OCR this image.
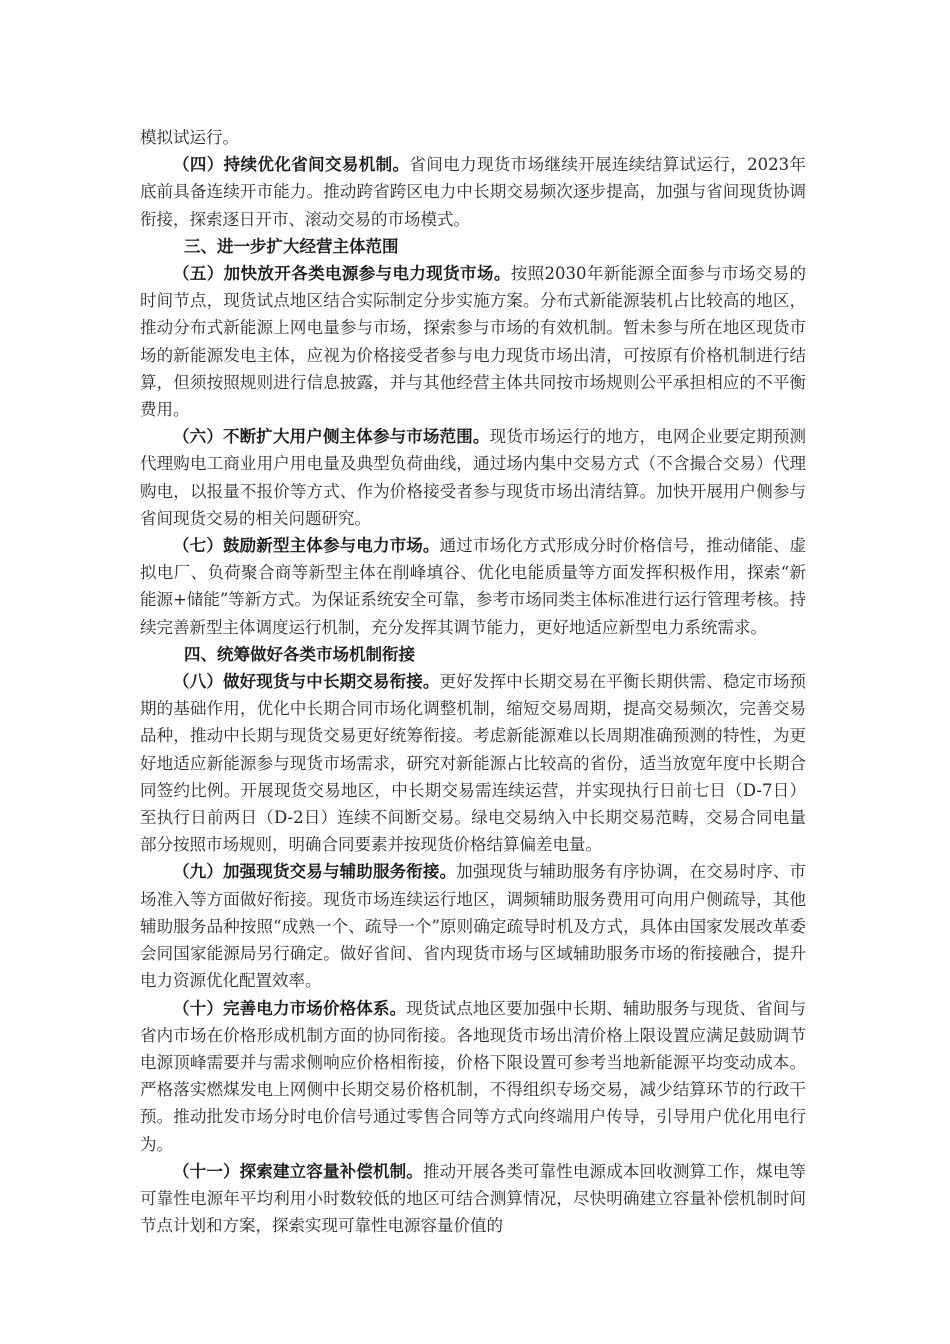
模拟试运行。

（四）持续优化省间交易机制。省间电力现货市场继续开展连续结算试运行，2023年底前具备连续开市能力。推动跨省跨区电力中长期交易频次逐步提高，加强与省间现货协调衔接，探索逐日开市、滚动交易的市场模式。

三、进一步扩大经营主体范围

（五）加快放开各类电源参与电力现货市场。按照2030年新能源全面参与市场交易的时间节点，现货试点地区结合实际制定分步实施方案。分布式新能源装机占比较高的地区，推动分布式新能源上网电量参与市场，探索参与市场的有效机制。暂未参与所在地区现货市场的新能源发电主体，应视为价格接受者参与电力现货市场出清，可按原有价格机制进行结算，但须按照规则进行信息披露，并与其他经营主体共同按市场规则公平承担相应的不平衡费用。

（六）不断扩大用户侧主体参与市场范围。现货市场运行的地方，电网企业要定期预测代理购电工商业用户用电量及典型负荷曲线，通过场内集中交易方式（不含撮合交易）代理购电，以报量不报价等方式、作为价格接受者参与现货市场出清结算。加快开展用户侧参与省间现货交易的相关问题研究。

（七）鼓励新型主体参与电力市场。通过市场化方式形成分时价格信号，推动储能、虚拟电厂、负荷聚合商等新型主体在削峰填谷、优化电能质量等方面发挥积极作用，探索“新能源+储能”等新方式。为保证系统安全可靠，参考市场同类主体标准进行运行管理考核。持续完善新型主体调度运行机制，充分发挥其调节能力，更好地适应新型电力系统需求。

四、统筹做好各类市场机制衔接

（八）做好现货与中长期交易衔接。更好发挥中长期交易在平衡长期供需、稳定市场预期的基础作用，优化中长期合同市场化调整机制，缩短交易周期，提高交易频次，完善交易品种，推动中长期与现货交易更好统筹衔接。考虑新能源难以长周期准确预测的特性，为更好地适应新能源参与现货市场需求，研究对新能源占比较高的省份，适当放宽年度中长期合同签约比例。开展现货交易地区，中长期交易需连续运营，并实现执行日前七日（D-7日）至执行日前两日（D-2日）连续不间断交易。绿电交易纳入中长期交易范畴，交易合同电量部分按照市场规则，明确合同要素并按现货价格结算偏差电量。

（九）加强现货交易与辅助服务衔接。加强现货与辅助服务有序协调，在交易时序、市场准入等方面做好衔接。现货市场连续运行地区，调频辅助服务费用可向用户侧疏导，其他辅助服务品种按照“成熟一个、疏导一个”原则确定疏导时机及方式，具体由国家发展改革委会同国家能源局另行确定。做好省间、省内现货市场与区域辅助服务市场的衔接融合，提升电力资源优化配置效率。

（十）完善电力市场价格体系。现货试点地区要加强中长期、辅助服务与现货、省间与省内市场在价格形成机制方面的协同衔接。各地现货市场出清价格上限设置应满足鼓励调节电源顶峰需要并与需求侧响应价格相衔接，价格下限设置可参考当地新能源平均变动成本。严格落实燃煤发电上网侧中长期交易价格机制，不得组织专场交易，减少结算环节的行政干预。推动批发市场分时电价信号通过零售合同等方式向终端用户传导，引导用户优化用电行为。

（十一）探索建立容量补偿机制。推动开展各类可靠性电源成本回收测算工作，煤电等可靠性电源年平均利用小时数较低的地区可结合测算情况，尽快明确建立容量补偿机制时间节点计划和方案，探索实现可靠性电源容量价值的
